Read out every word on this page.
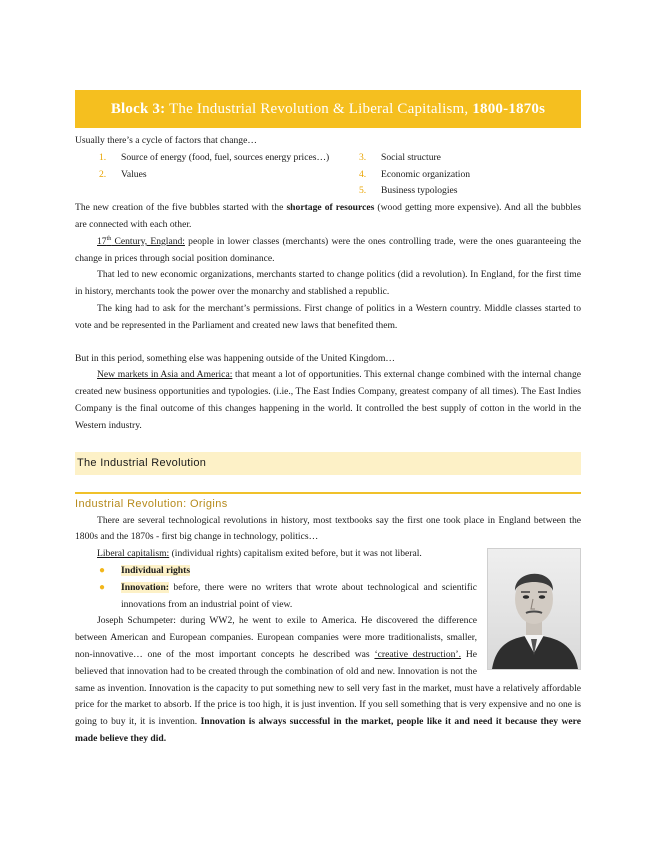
Block 3: The Industrial Revolution & Liberal Capitalism, 1800-1870s

Usually there’s a cycle of factors that change…

1. Source of energy (food, fuel, sources energy prices…)
2. Values
3. Social structure
4. Economic organization
5. Business typologies

The new creation of the five bubbles started with the shortage of resources (wood getting more expensive). And all the bubbles are connected with each other.

17th Century, England: people in lower classes (merchants) were the ones controlling trade, were the ones guaranteeing the change in prices through social position dominance.

That led to new economic organizations, merchants started to change politics (did a revolution). In England, for the first time in history, merchants took the power over the monarchy and stablished a republic.

The king had to ask for the merchant’s permissions. First change of politics in a Western country. Middle classes started to vote and be represented in the Parliament and created new laws that benefited them.

But in this period, something else was happening outside of the United Kingdom…

New markets in Asia and America: that meant a lot of opportunities. This external change combined with the internal change created new business opportunities and typologies. (i.ie., The East Indies Company, greatest company of all times). The East Indies Company is the final outcome of this changes happening in the world. It controlled the best supply of cotton in the world in the Western industry.

The Industrial Revolution
Industrial Revolution: Origins

There are several technological revolutions in history, most textbooks say the first one took place in England between the 1800s and the 1870s - first big change in technology, politics…

Liberal capitalism: (individual rights) capitalism exited before, but it was not liberal.

● Individual rights
● Innovation: before, there were no writers that wrote about technological and scientific innovations from an industrial point of view.

Joseph Schumpeter: during WW2, he went to exile to America. He discovered the difference between American and European companies. European companies were more traditionalists, smaller, non-innovative… one of the most important concepts he described was ‘creative destruction’. He believed that innovation had to be created through the combination of old and new. Innovation is not the same as invention. Innovation is the capacity to put something new to sell very fast in the market, must have a relatively affordable price for the market to absorb. If the price is too high, it is just invention. If you sell something that is very expensive and no one is going to buy it, it is invention. Innovation is always successful in the market, people like it and need it because they were made believe they did.
